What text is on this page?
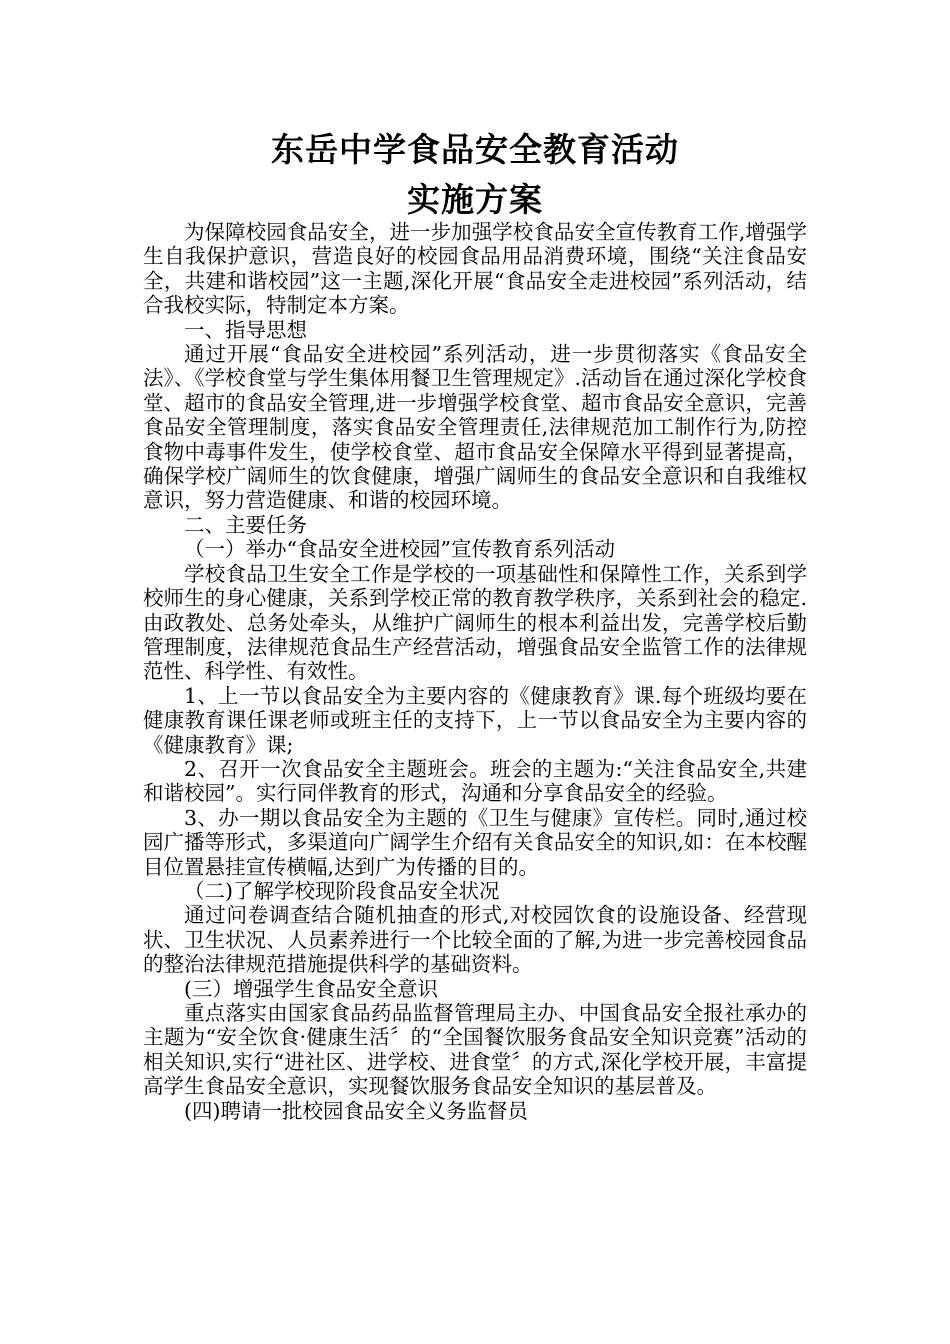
东岳中学食品安全教育活动
实施方案

为保障校园食品安全，进一步加强学校食品安全宣传教育工作,增强学生自我保护意识，营造良好的校园食品用品消费环境，围绕“关注食品安全，共建和谐校园”这一主题,深化开展“食品安全走进校园”系列活动，结合我校实际，特制定本方案。

一、指导思想

通过开展“食品安全进校园”系列活动，进一步贯彻落实《食品安全法》、《学校食堂与学生集体用餐卫生管理规定》.活动旨在通过深化学校食堂、超市的食品安全管理,进一步增强学校食堂、超市食品安全意识，完善食品安全管理制度，落实食品安全管理责任,法律规范加工制作行为,防控食物中毒事件发生，使学校食堂、超市食品安全保障水平得到显著提高，确保学校广阔师生的饮食健康，增强广阔师生的食品安全意识和自我维权意识，努力营造健康、和谐的校园环境。

二、主要任务

（一）举办“食品安全进校园”宣传教育系列活动

学校食品卫生安全工作是学校的一项基础性和保障性工作，关系到学校师生的身心健康，关系到学校正常的教育教学秩序，关系到社会的稳定.由政教处、总务处牵头，从维护广阔师生的根本利益出发，完善学校后勤管理制度，法律规范食品生产经营活动，增强食品安全监管工作的法律规范性、科学性、有效性。

1、上一节以食品安全为主要内容的《健康教育》课.每个班级均要在健康教育课任课老师或班主任的支持下，上一节以食品安全为主要内容的《健康教育》课;

2、召开一次食品安全主题班会。班会的主题为:“关注食品安全,共建和谐校园”。实行同伴教育的形式，沟通和分享食品安全的经验。

3、办一期以食品安全为主题的《卫生与健康》宣传栏。同时,通过校园广播等形式，多渠道向广阔学生介绍有关食品安全的知识,如：在本校醒目位置悬挂宣传横幅,达到广为传播的目的。

（二)了解学校现阶段食品安全状况

通过问卷调查结合随机抽查的形式,对校园饮食的设施设备、经营现状、卫生状况、人员素养进行一个比较全面的了解,为进一步完善校园食品的整治法律规范措施提供科学的基础资料。

(三）增强学生食品安全意识

重点落实由国家食品药品监督管理局主办、中国食品安全报社承办的主题为“安全饮食·健康生活〞的“全国餐饮服务食品安全知识竞赛”活动的相关知识,实行“进社区、进学校、进食堂〞的方式,深化学校开展，丰富提高学生食品安全意识，实现餐饮服务食品安全知识的基层普及。

(四)聘请一批校园食品安全义务监督员
